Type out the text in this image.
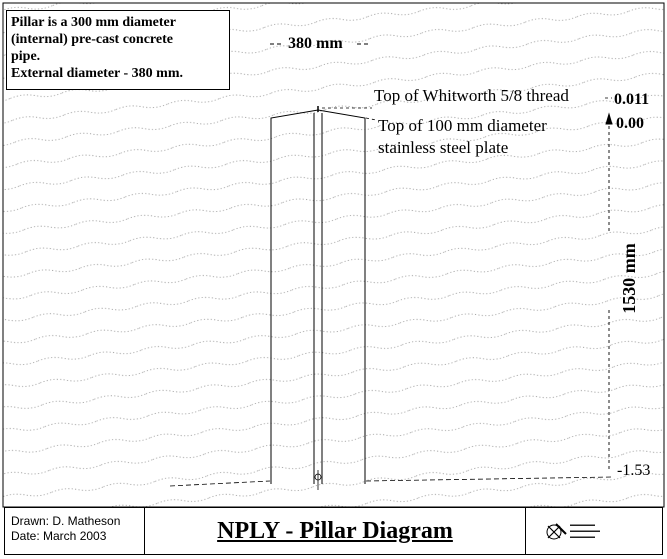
Pillar is a 300 mm diameter
(internal) pre-cast concrete
pipe.
External diameter - 380 mm.
380 mm
Top of Whitworth 5/8 thread
Top of 100 mm diameter
stainless steel plate
0.011
0.00
-1.53
1530 mm
Drawn: D. Matheson
Date: March 2003	NPLY - Pillar Diagram	▬▬▬▬▬
▬▬▬▬▬▬
▬▬▬▬▬
